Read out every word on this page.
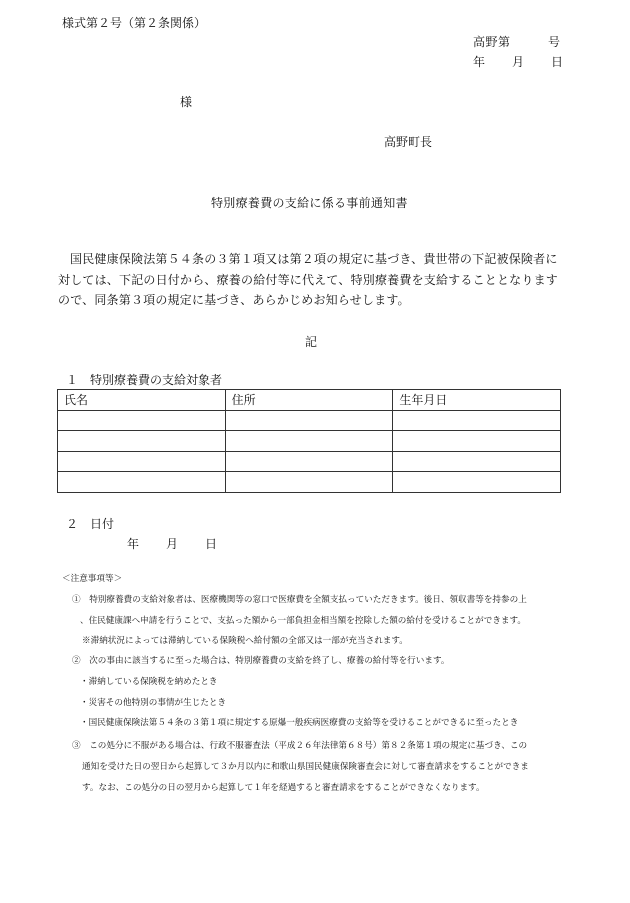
様式第２号（第２条関係）
高野第　　　号
年　　月　　日
様
高野町長
特別療養費の支給に係る事前通知書
国民健康保険法第５４条の３第１項又は第２項の規定に基づき、貴世帯の下記被保険者に対しては、下記の日付から、療養の給付等に代えて、特別療養費を支給することとなりますので、同条第３項の規定に基づき、あらかじめお知らせします。
記
１　特別療養費の支給対象者
氏名	住所	生年月日

２　日付
年　　月　　日
＜注意事項等＞
①　特別療養費の支給対象者は、医療機関等の窓口で医療費を全額支払っていただきます。後日、領収書等を持参の上
、住民健康課へ申請を行うことで、支払った額から一部負担金相当額を控除した額の給付を受けることができます。
※滞納状況によっては滞納している保険税へ給付額の全部又は一部が充当されます。
②　次の事由に該当するに至った場合は、特別療養費の支給を終了し、療養の給付等を行います。
・滞納している保険税を納めたとき
・災害その他特別の事情が生じたとき
・国民健康保険法第５４条の３第１項に規定する原爆一般疾病医療費の支給等を受けることができるに至ったとき
③　この処分に不服がある場合は、行政不服審査法（平成２６年法律第６８号）第８２条第１項の規定に基づき、この
通知を受けた日の翌日から起算して３か月以内に和歌山県国民健康保険審査会に対して審査請求をすることができま
す。なお、この処分の日の翌月から起算して１年を経過すると審査請求をすることができなくなります。
